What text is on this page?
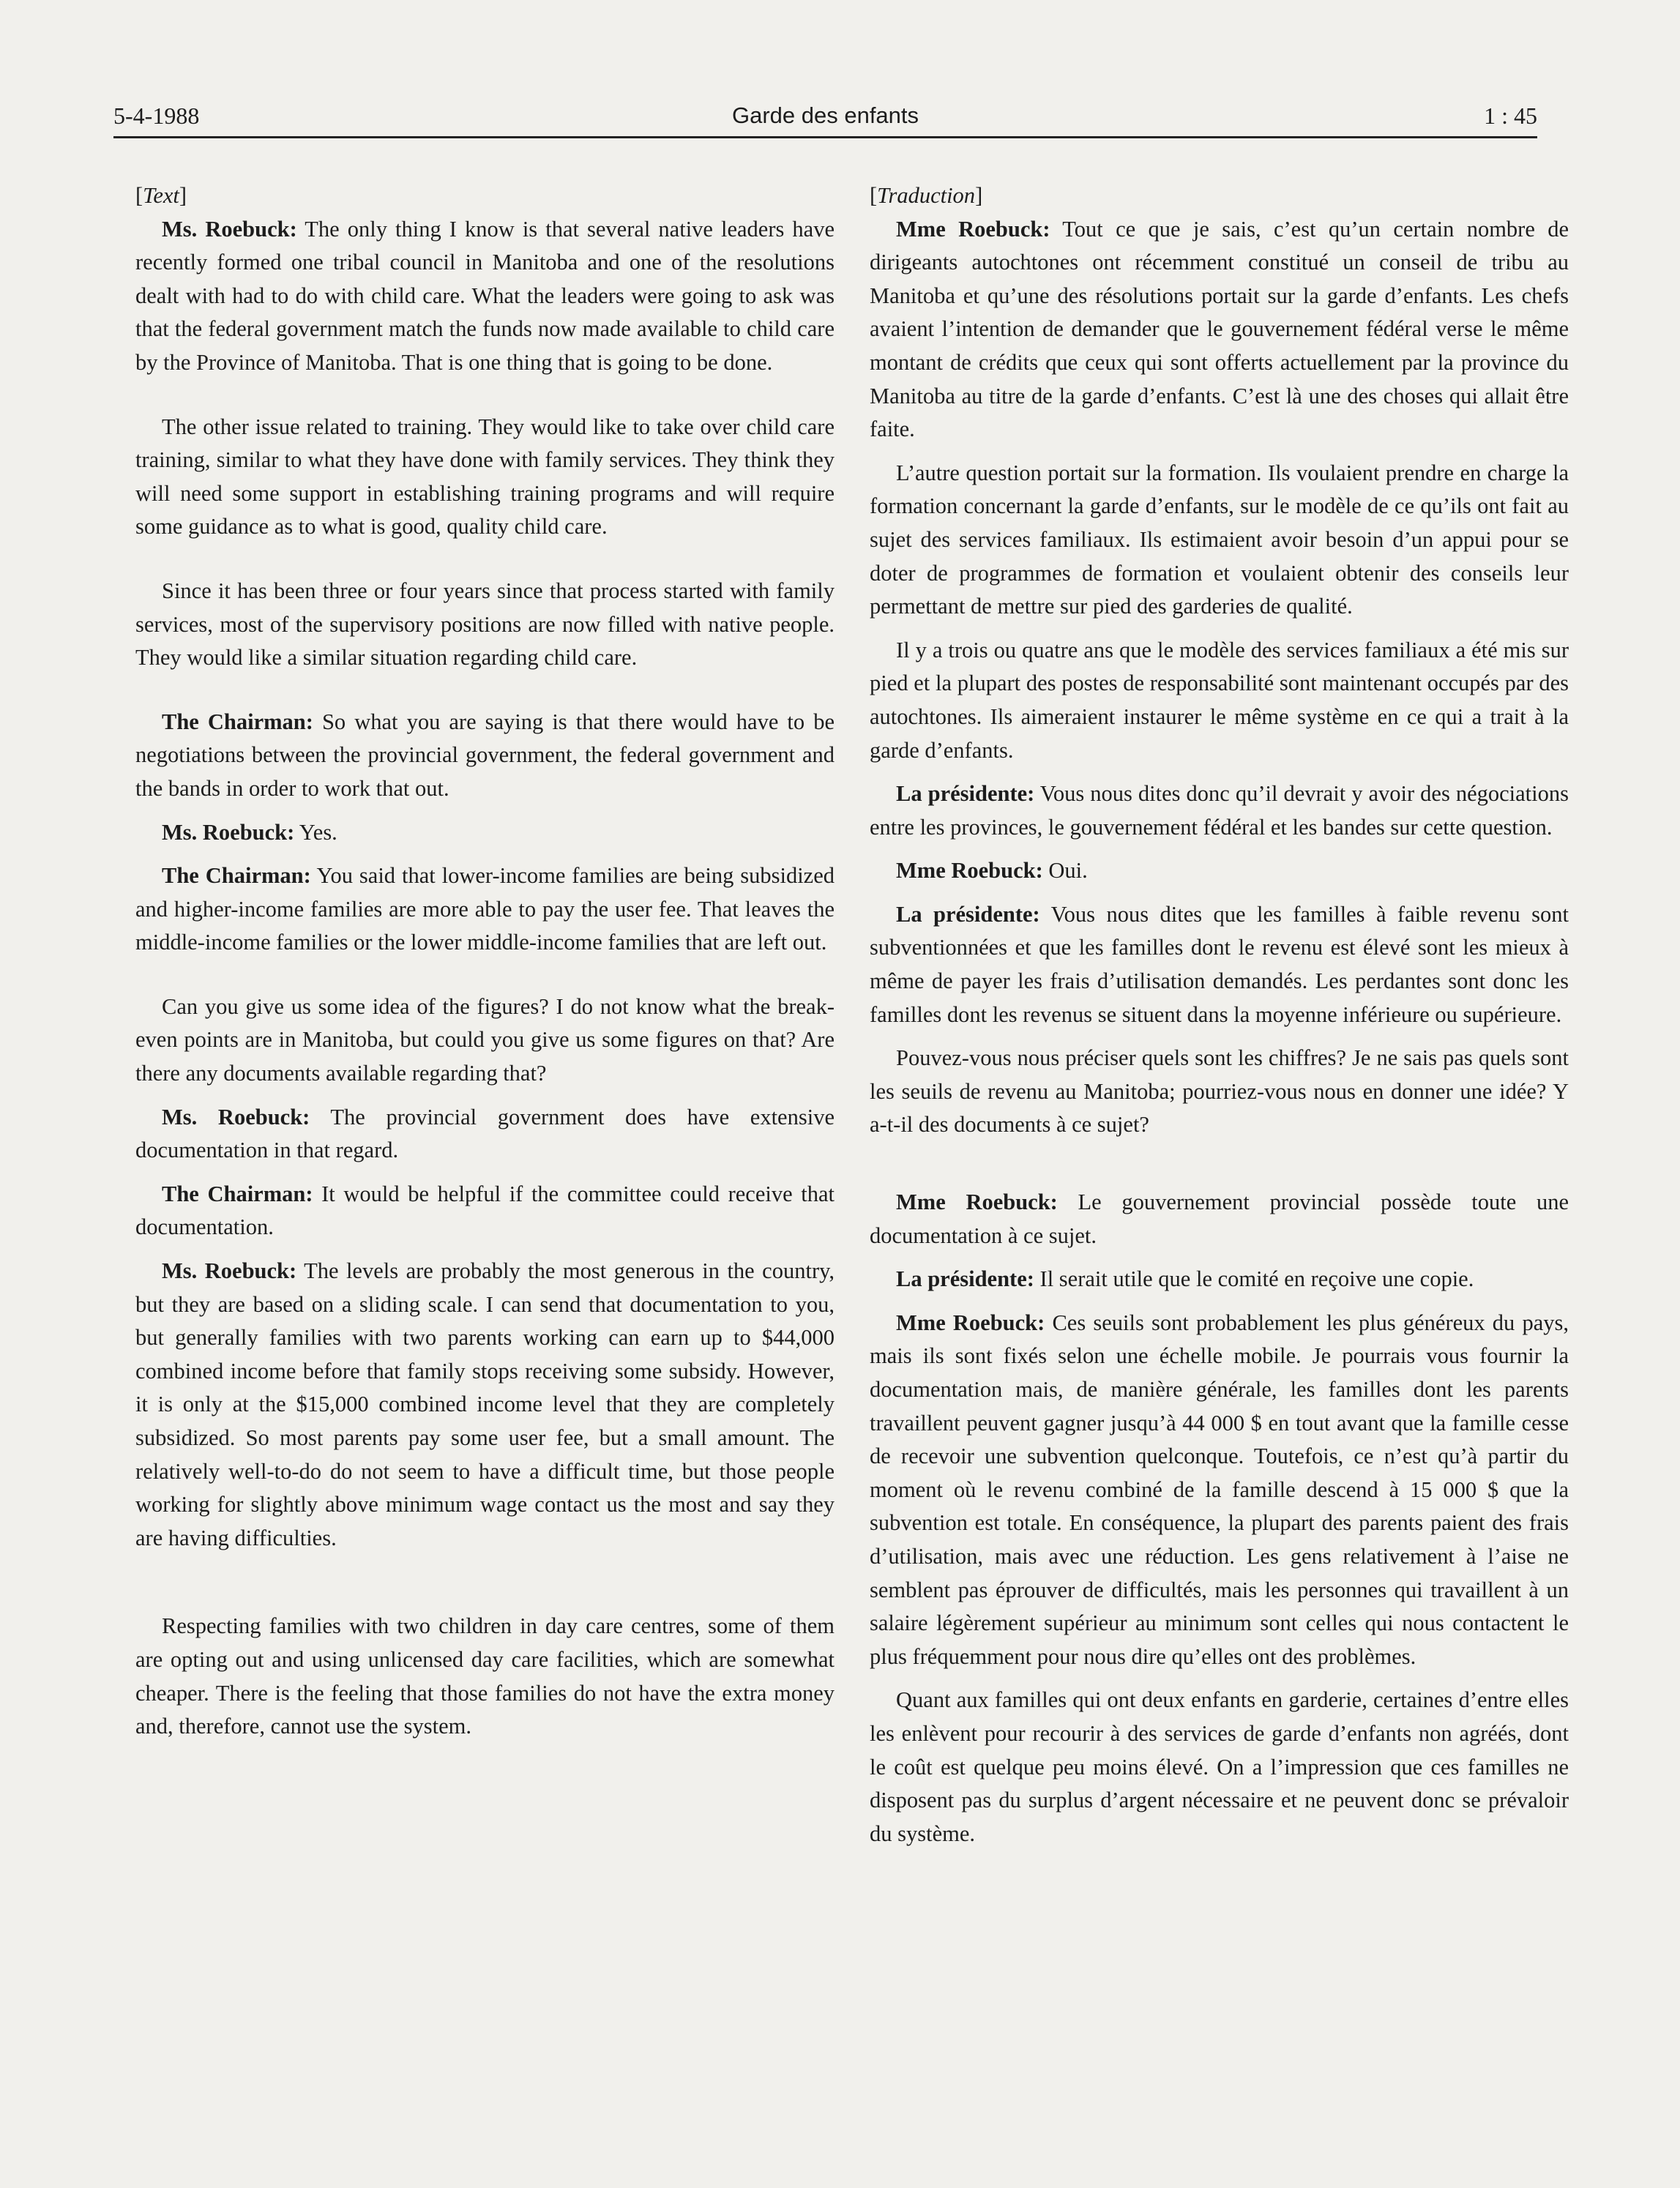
5-4-1988	Garde des enfants	1 : 45

[Text]

Ms. Roebuck: The only thing I know is that several native leaders have recently formed one tribal council in Manitoba and one of the resolutions dealt with had to do with child care. What the leaders were going to ask was that the federal government match the funds now made available to child care by the Province of Manitoba. That is one thing that is going to be done.

The other issue related to training. They would like to take over child care training, similar to what they have done with family services. They think they will need some support in establishing training programs and will require some guidance as to what is good, quality child care.

Since it has been three or four years since that process started with family services, most of the supervisory positions are now filled with native people. They would like a similar situation regarding child care.

The Chairman: So what you are saying is that there would have to be negotiations between the provincial government, the federal government and the bands in order to work that out.

Ms. Roebuck: Yes.

The Chairman: You said that lower-income families are being subsidized and higher-income families are more able to pay the user fee. That leaves the middle-income families or the lower middle-income families that are left out.

Can you give us some idea of the figures? I do not know what the break-even points are in Manitoba, but could you give us some figures on that? Are there any documents available regarding that?

Ms. Roebuck: The provincial government does have extensive documentation in that regard.

The Chairman: It would be helpful if the committee could receive that documentation.

Ms. Roebuck: The levels are probably the most generous in the country, but they are based on a sliding scale. I can send that documentation to you, but generally families with two parents working can earn up to $44,000 combined income before that family stops receiving some subsidy. However, it is only at the $15,000 combined income level that they are completely subsidized. So most parents pay some user fee, but a small amount. The relatively well-to-do do not seem to have a difficult time, but those people working for slightly above minimum wage contact us the most and say they are having difficulties.

Respecting families with two children in day care centres, some of them are opting out and using unlicensed day care facilities, which are somewhat cheaper. There is the feeling that those families do not have the extra money and, therefore, cannot use the system.

[Traduction]

Mme Roebuck: Tout ce que je sais, c’est qu’un certain nombre de dirigeants autochtones ont récemment constitué un conseil de tribu au Manitoba et qu’une des résolutions portait sur la garde d’enfants. Les chefs avaient l’intention de demander que le gouvernement fédéral verse le même montant de crédits que ceux qui sont offerts actuellement par la province du Manitoba au titre de la garde d’enfants. C’est là une des choses qui allait être faite.

L’autre question portait sur la formation. Ils voulaient prendre en charge la formation concernant la garde d’enfants, sur le modèle de ce qu’ils ont fait au sujet des services familiaux. Ils estimaient avoir besoin d’un appui pour se doter de programmes de formation et voulaient obtenir des conseils leur permettant de mettre sur pied des garderies de qualité.

Il y a trois ou quatre ans que le modèle des services familiaux a été mis sur pied et la plupart des postes de responsabilité sont maintenant occupés par des autochtones. Ils aimeraient instaurer le même système en ce qui a trait à la garde d’enfants.

La présidente: Vous nous dites donc qu’il devrait y avoir des négociations entre les provinces, le gouvernement fédéral et les bandes sur cette question.

Mme Roebuck: Oui.

La présidente: Vous nous dites que les familles à faible revenu sont subventionnées et que les familles dont le revenu est élevé sont les mieux à même de payer les frais d’utilisation demandés. Les perdantes sont donc les familles dont les revenus se situent dans la moyenne inférieure ou supérieure.

Pouvez-vous nous préciser quels sont les chiffres? Je ne sais pas quels sont les seuils de revenu au Manitoba; pourriez-vous nous en donner une idée? Y a-t-il des documents à ce sujet?

Mme Roebuck: Le gouvernement provincial possède toute une documentation à ce sujet.

La présidente: Il serait utile que le comité en reçoive une copie.

Mme Roebuck: Ces seuils sont probablement les plus généreux du pays, mais ils sont fixés selon une échelle mobile. Je pourrais vous fournir la documentation mais, de manière générale, les familles dont les parents travaillent peuvent gagner jusqu’à 44 000 $ en tout avant que la famille cesse de recevoir une subvention quelconque. Toutefois, ce n’est qu’à partir du moment où le revenu combiné de la famille descend à 15 000 $ que la subvention est totale. En conséquence, la plupart des parents paient des frais d’utilisation, mais avec une réduction. Les gens relativement à l’aise ne semblent pas éprouver de difficultés, mais les personnes qui travaillent à un salaire légèrement supérieur au minimum sont celles qui nous contactent le plus fréquemment pour nous dire qu’elles ont des problèmes.

Quant aux familles qui ont deux enfants en garderie, certaines d’entre elles les enlèvent pour recourir à des services de garde d’enfants non agréés, dont le coût est quelque peu moins élevé. On a l’impression que ces familles ne disposent pas du surplus d’argent nécessaire et ne peuvent donc se prévaloir du système.
